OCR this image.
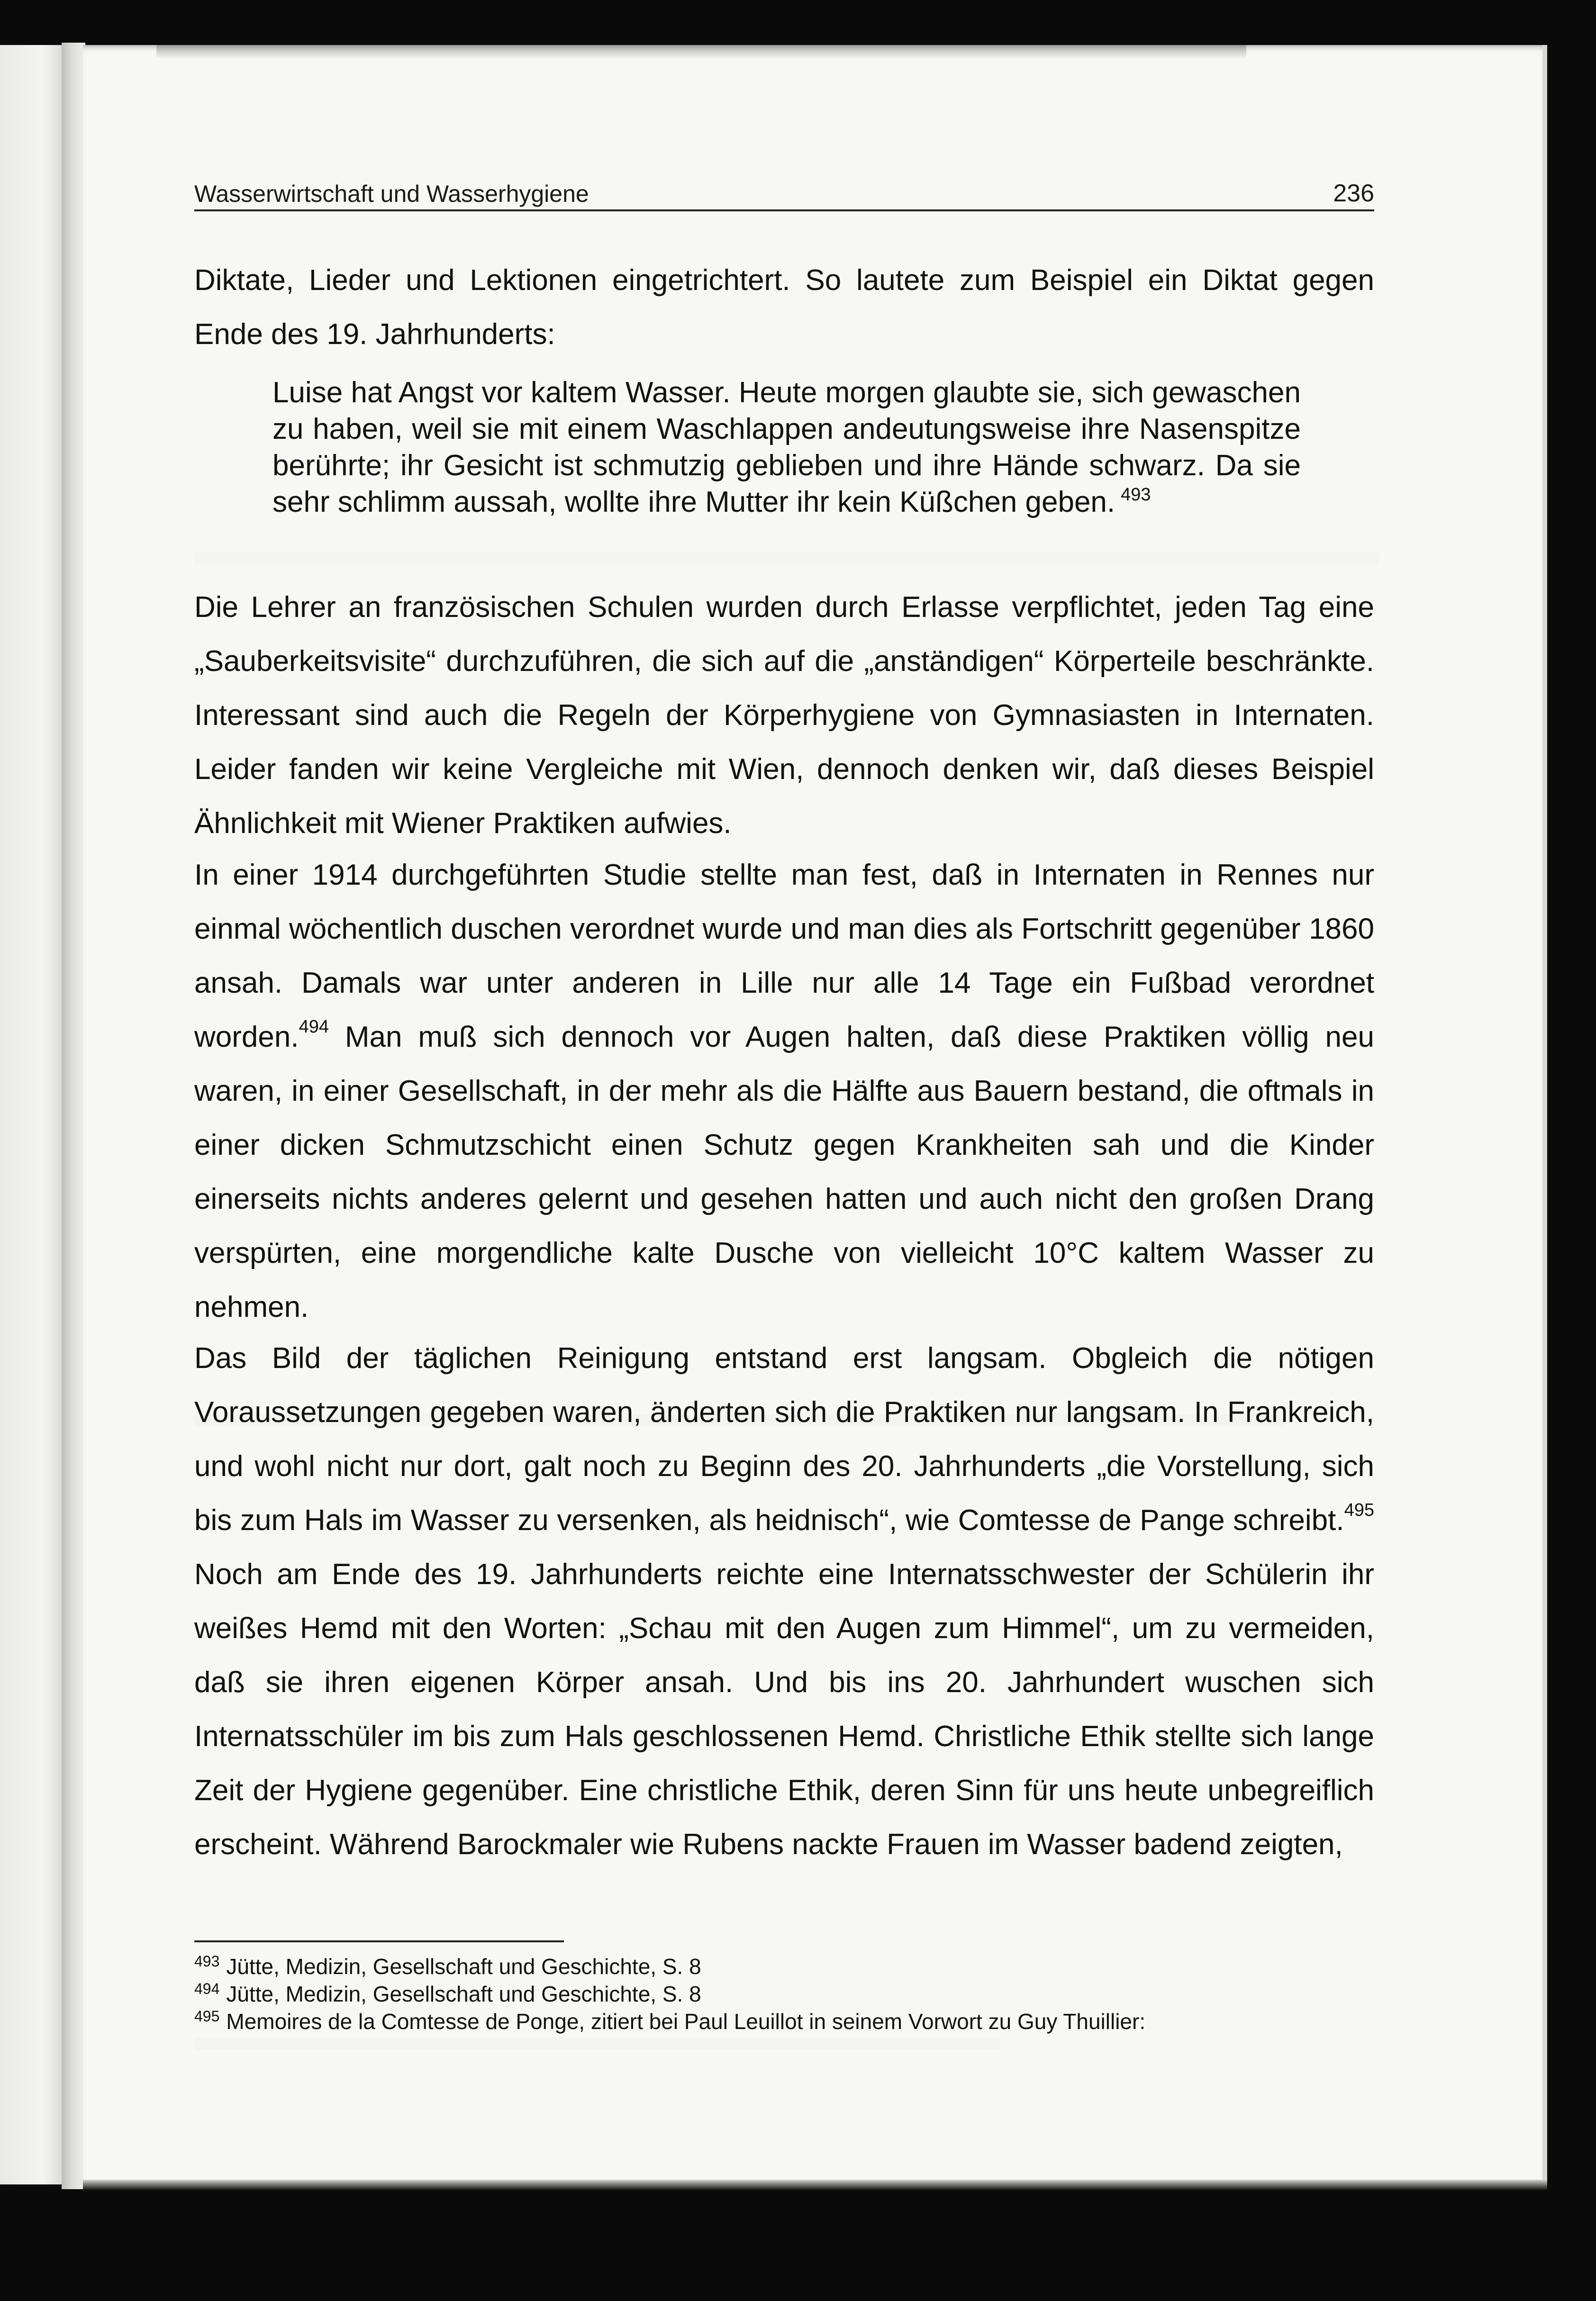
Wasserwirtschaft und Wasserhygiene	236
Diktate, Lieder und Lektionen eingetrichtert. So lautete zum Beispiel ein Diktat gegen Ende des 19. Jahrhunderts:
Luise hat Angst vor kaltem Wasser. Heute morgen glaubte sie, sich gewaschen zu haben, weil sie mit einem Waschlappen andeutungsweise ihre Nasenspitze berührte; ihr Gesicht ist schmutzig geblieben und ihre Hände schwarz. Da sie sehr schlimm aussah, wollte ihre Mutter ihr kein Küßchen geben. $^{493}$
Die Lehrer an französischen Schulen wurden durch Erlasse verpflichtet, jeden Tag eine „Sauberkeitsvisite“ durchzuführen, die sich auf die „anständigen“ Körperteile beschränkte. Interessant sind auch die Regeln der Körperhygiene von Gymnasiasten in Internaten. Leider fanden wir keine Vergleiche mit Wien, dennoch denken wir, daß dieses Beispiel Ähnlichkeit mit Wiener Praktiken aufwies.
In einer 1914 durchgeführten Studie stellte man fest, daß in Internaten in Rennes nur einmal wöchentlich duschen verordnet wurde und man dies als Fortschritt gegenüber 1860 ansah. Damals war unter anderen in Lille nur alle 14 Tage ein Fußbad verordnet worden.$^{494}$ Man muß sich dennoch vor Augen halten, daß diese Praktiken völlig neu waren, in einer Gesellschaft, in der mehr als die Hälfte aus Bauern bestand, die oftmals in einer dicken Schmutzschicht einen Schutz gegen Krankheiten sah und die Kinder einerseits nichts anderes gelernt und gesehen hatten und auch nicht den großen Drang verspürten, eine morgendliche kalte Dusche von vielleicht 10°C kaltem Wasser zu nehmen.
Das Bild der täglichen Reinigung entstand erst langsam. Obgleich die nötigen Voraussetzungen gegeben waren, änderten sich die Praktiken nur langsam. In Frankreich, und wohl nicht nur dort, galt noch zu Beginn des 20. Jahrhunderts „die Vorstellung, sich bis zum Hals im Wasser zu versenken, als heidnisch“, wie Comtesse de Pange schreibt.$^{495}$ Noch am Ende des 19. Jahrhunderts reichte eine Internatsschwester der Schülerin ihr weißes Hemd mit den Worten: „Schau mit den Augen zum Himmel“, um zu vermeiden, daß sie ihren eigenen Körper ansah. Und bis ins 20. Jahrhundert wuschen sich Internatsschüler im bis zum Hals geschlossenen Hemd. Christliche Ethik stellte sich lange Zeit der Hygiene gegenüber. Eine christliche Ethik, deren Sinn für uns heute unbegreiflich erscheint. Während Barockmaler wie Rubens nackte Frauen im Wasser badend zeigten,
$^{493}$ Jütte, Medizin, Gesellschaft und Geschichte, S. 8
$^{494}$ Jütte, Medizin, Gesellschaft und Geschichte, S. 8
$^{495}$ Memoires de la Comtesse de Ponge, zitiert bei Paul Leuillot in seinem Vorwort zu Guy Thuillier:
